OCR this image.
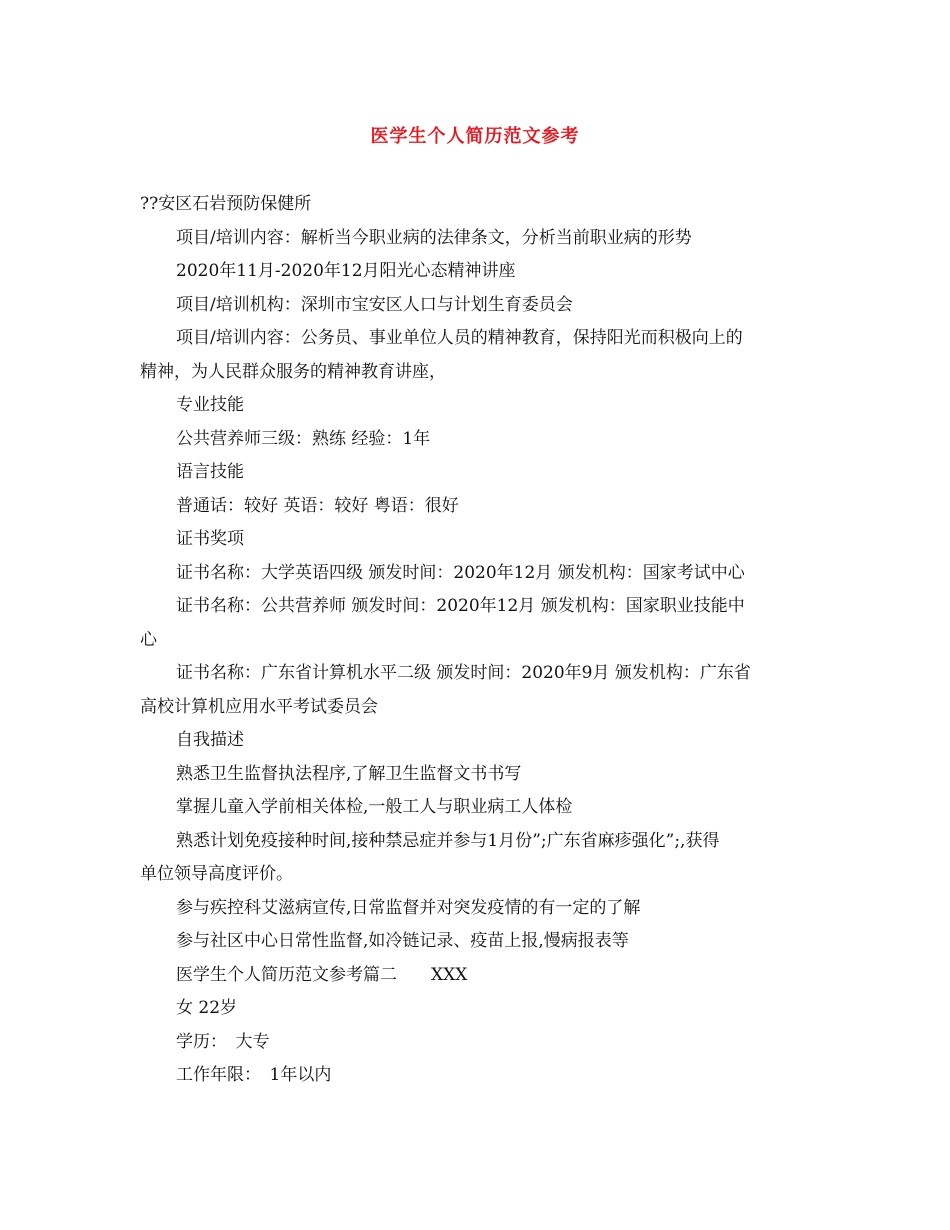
医学生个人简历范文参考
??安区石岩预防保健所
项目/培训内容：解析当今职业病的法律条文，分析当前职业病的形势
2020年11月-2020年12月阳光心态精神讲座
项目/培训机构：深圳市宝安区人口与计划生育委员会
项目/培训内容：公务员、事业单位人员的精神教育，保持阳光而积极向上的
精神，为人民群众服务的精神教育讲座，
专业技能
公共营养师三级：熟练 经验：1年
语言技能
普通话：较好 英语：较好 粤语：很好
证书奖项
证书名称：大学英语四级 颁发时间：2020年12月 颁发机构：国家考试中心
证书名称：公共营养师 颁发时间：2020年12月 颁发机构：国家职业技能中
心
证书名称：广东省计算机水平二级 颁发时间：2020年9月 颁发机构：广东省
高校计算机应用水平考试委员会
自我描述
熟悉卫生监督执法程序,了解卫生监督文书书写
掌握儿童入学前相关体检,一般工人与职业病工人体检
熟悉计划免疫接种时间,接种禁忌症并参与1月份”;广东省麻疹强化”;,获得
单位领导高度评价。
参与疾控科艾滋病宣传,日常监督并对突发疫情的有一定的了解
参与社区中心日常性监督,如冷链记录、疫苗上报,慢病报表等
医学生个人简历范文参考篇二　　XXX
女 22岁
学历：　大专
工作年限：　1年以内
